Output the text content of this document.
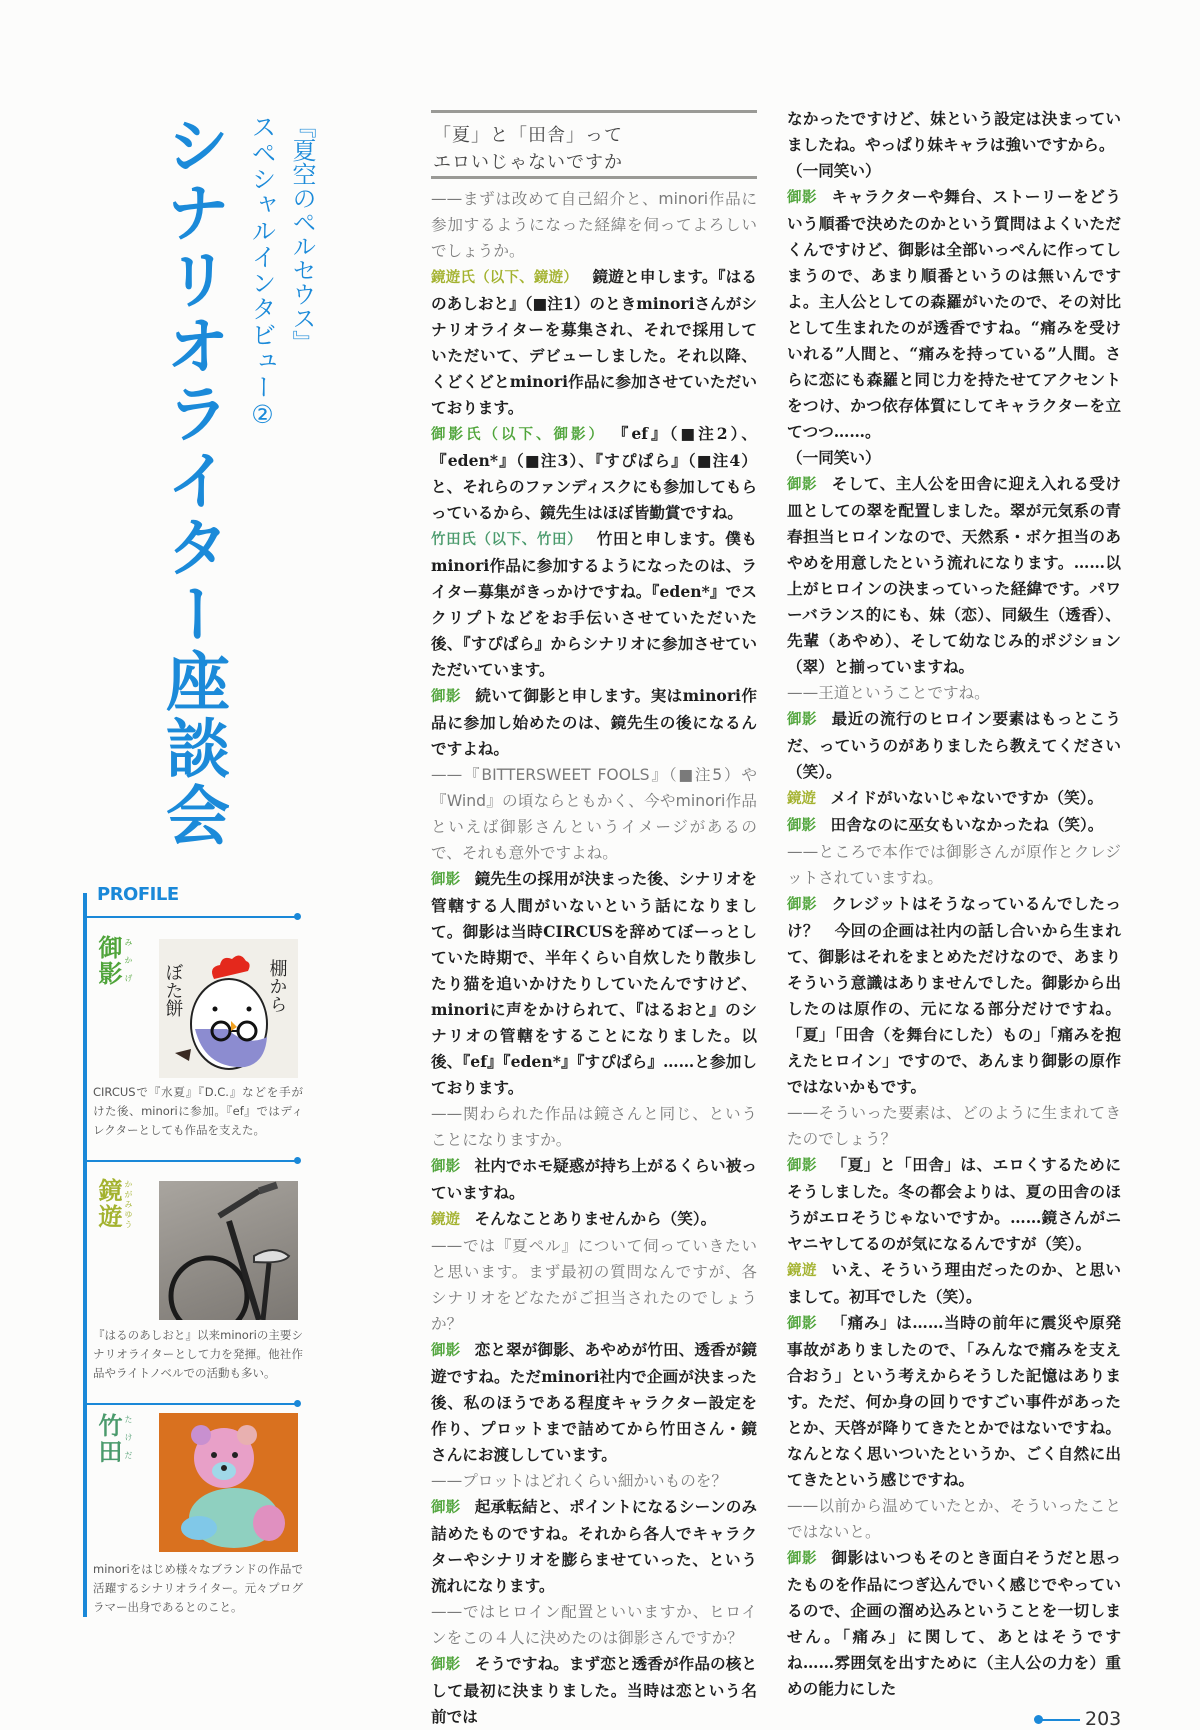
シナリオライター座談会 『夏空のペルセウス』
スペシャルインタビュー②
PROFILE
御影 みかげ	棚から
ぼた餅
CIRCUSで『水夏』『D.C.』などを手がけた後、minoriに参加。『ef』ではディレクターとしても作品を支えた。
鏡遊 かがみゆう
『はるのあしおと』以来minoriの主要シナリオライターとして力を発揮。他社作品やライトノベルでの活動も多い。
竹田 たけだ
minoriをはじめ様々なブランドの作品で活躍するシナリオライター。元々プログラマー出身であるとのこと。
「夏」と「田舎」って
エロいじゃないですか

——まずは改めて自己紹介と、minori作品に参加するようになった経緯を伺ってよろしいでしょうか。

鏡遊氏（以下、鏡遊） 鏡遊と申します。『はるのあしおと』（■注1）のときminoriさんがシナリオライターを募集され、それで採用していただいて、デビューしました。それ以降、くどくどとminori作品に参加させていただいております。

御影氏（以下、御影） 『ef』（■注2）、『eden*』（■注3）、『すぴぱら』（■注4）と、それらのファンディスクにも参加してもらっているから、鏡先生はほぼ皆勤賞ですね。

竹田氏（以下、竹田） 竹田と申します。僕もminori作品に参加するようになったのは、ライター募集がきっかけですね。『eden*』でスクリプトなどをお手伝いさせていただいた後、『すぴぱら』からシナリオに参加させていただいています。

御影 続いて御影と申します。実はminori作品に参加し始めたのは、鏡先生の後になるんですよね。

——『BITTERSWEET FOOLS』（■注5）や『Wind』の頃ならともかく、今やminori作品といえば御影さんというイメージがあるので、それも意外ですよね。

御影 鏡先生の採用が決まった後、シナリオを管轄する人間がいないという話になりまして。御影は当時CIRCUSを辞めてぼーっとしていた時期で、半年くらい自炊したり散歩したり猫を追いかけたりしていたんですけど、minoriに声をかけられて、『はるおと』のシナリオの管轄をすることになりました。以後、『ef』『eden*』『すぴぱら』……と参加しております。

——関わられた作品は鏡さんと同じ、ということになりますか。

御影 社内でホモ疑惑が持ち上がるくらい被っていますね。

鏡遊 そんなことありませんから（笑）。

——では『夏ペル』について伺っていきたいと思います。まず最初の質問なんですが、各シナリオをどなたがご担当されたのでしょうか？

御影 恋と翠が御影、あやめが竹田、透香が鏡遊ですね。ただminori社内で企画が決まった後、私のほうである程度キャラクター設定を作り、プロットまで詰めてから竹田さん・鏡さんにお渡ししています。

——プロットはどれくらい細かいものを？

御影 起承転結と、ポイントになるシーンのみ詰めたものですね。それから各人でキャラクターやシナリオを膨らませていった、という流れになります。

——ではヒロイン配置といいますか、ヒロインをこの４人に決めたのは御影さんですか？

御影 そうですね。まず恋と透香が作品の核として最初に決まりました。当時は恋という名前では

なかったですけど、妹という設定は決まっていましたね。やっぱり妹キャラは強いですから。

（一同笑い）

御影 キャラクターや舞台、ストーリーをどういう順番で決めたのかという質問はよくいただくんですけど、御影は全部いっぺんに作ってしまうので、あまり順番というのは無いんですよ。主人公としての森羅がいたので、その対比として生まれたのが透香ですね。“痛みを受けいれる”人間と、“痛みを持っている”人間。さらに恋にも森羅と同じ力を持たせてアクセントをつけ、かつ依存体質にしてキャラクターを立てつつ……。

（一同笑い）

御影 そして、主人公を田舎に迎え入れる受け皿としての翠を配置しました。翠が元気系の青春担当ヒロインなので、天然系・ボケ担当のあやめを用意したという流れになります。……以上がヒロインの決まっていった経緯です。パワーバランス的にも、妹（恋）、同級生（透香）、先輩（あやめ）、そして幼なじみ的ポジション（翠）と揃っていますね。

——王道ということですね。

御影 最近の流行のヒロイン要素はもっとこうだ、っていうのがありましたら教えてください（笑）。

鏡遊 メイドがいないじゃないですか（笑）。

御影 田舎なのに巫女もいなかったね（笑）。

——ところで本作では御影さんが原作とクレジットされていますね。

御影 クレジットはそうなっているんでしたっけ？　今回の企画は社内の話し合いから生まれて、御影はそれをまとめただけなので、あまりそういう意識はありませんでした。御影から出したのは原作の、元になる部分だけですね。「夏」「田舎（を舞台にした）もの」「痛みを抱えたヒロイン」ですので、あんまり御影の原作ではないかもです。

——そういった要素は、どのように生まれてきたのでしょう？

御影 「夏」と「田舎」は、エロくするためにそうしました。冬の都会よりは、夏の田舎のほうがエロそうじゃないですか。……鏡さんがニヤニヤしてるのが気になるんですが（笑）。

鏡遊 いえ、そういう理由だったのか、と思いまして。初耳でした（笑）。

御影 「痛み」は……当時の前年に震災や原発事故がありましたので、「みんなで痛みを支え合おう」という考えからそうした記憶はあります。ただ、何か身の回りですごい事件があったとか、天啓が降りてきたとかではないですね。なんとなく思いついたというか、ごく自然に出てきたという感じですね。

——以前から温めていたとか、そういったことではないと。

御影 御影はいつもそのとき面白そうだと思ったものを作品につぎ込んでいく感じでやっているので、企画の溜め込みということを一切しません。「痛み」に関して、あとはそうですね……雰囲気を出すために（主人公の力を）重めの能力にした

203
